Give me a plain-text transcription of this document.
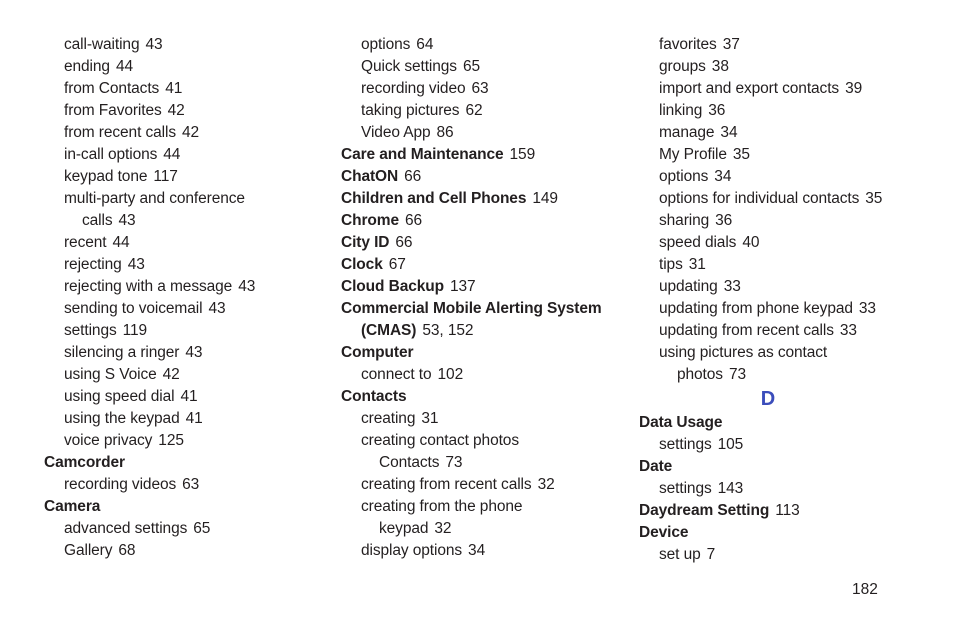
call-waiting 43
ending 44
from Contacts 41
from Favorites 42
from recent calls 42
in-call options 44
keypad tone 117
multi-party and conference
calls 43
recent 44
rejecting 43
rejecting with a message 43
sending to voicemail 43
settings 119
silencing a ringer 43
using S Voice 42
using speed dial 41
using the keypad 41
voice privacy 125
Camcorder
recording videos 63
Camera
advanced settings 65
Gallery 68
options 64
Quick settings 65
recording video 63
taking pictures 62
Video App 86
Care and Maintenance 159
ChatON 66
Children and Cell Phones 149
Chrome 66
City ID 66
Clock 67
Cloud Backup 137
Commercial Mobile Alerting System
(CMAS) 53, 152
Computer
connect to 102
Contacts
creating 31
creating contact photos
Contacts 73
creating from recent calls 32
creating from the phone
keypad 32
display options 34
favorites 37
groups 38
import and export contacts 39
linking 36
manage 34
My Profile 35
options 34
options for individual contacts 35
sharing 36
speed dials 40
tips 31
updating 33
updating from phone keypad 33
updating from recent calls 33
using pictures as contact
photos 73
D
Data Usage
settings 105
Date
settings 143
Daydream Setting 113
Device
set up 7
182
